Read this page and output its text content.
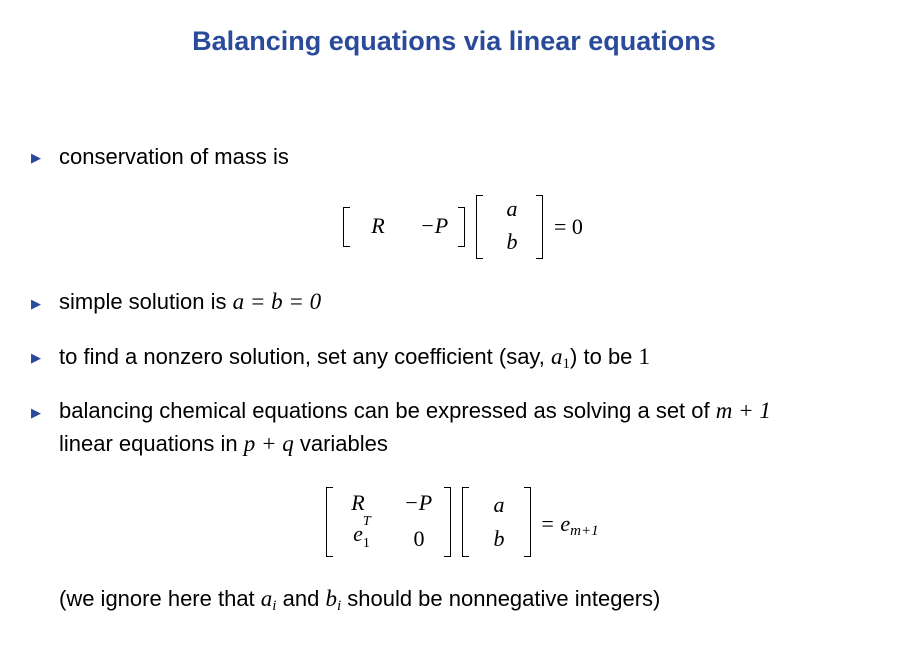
Balancing equations via linear equations
▶ conservation of mass is
R −P
a
b
= 0
▶ simple solution is a = b = 0
▶ to find a nonzero solution, set any coefficient (say, $a_1$) to be 1
▶ balancing chemical equations can be expressed as solving a set of m + 1
linear equations in p + q variables
R	−P
e T
1	0
a
b
= em+1
(we ignore here that $a_i$ and $b_i$ should be nonnegative integers)
